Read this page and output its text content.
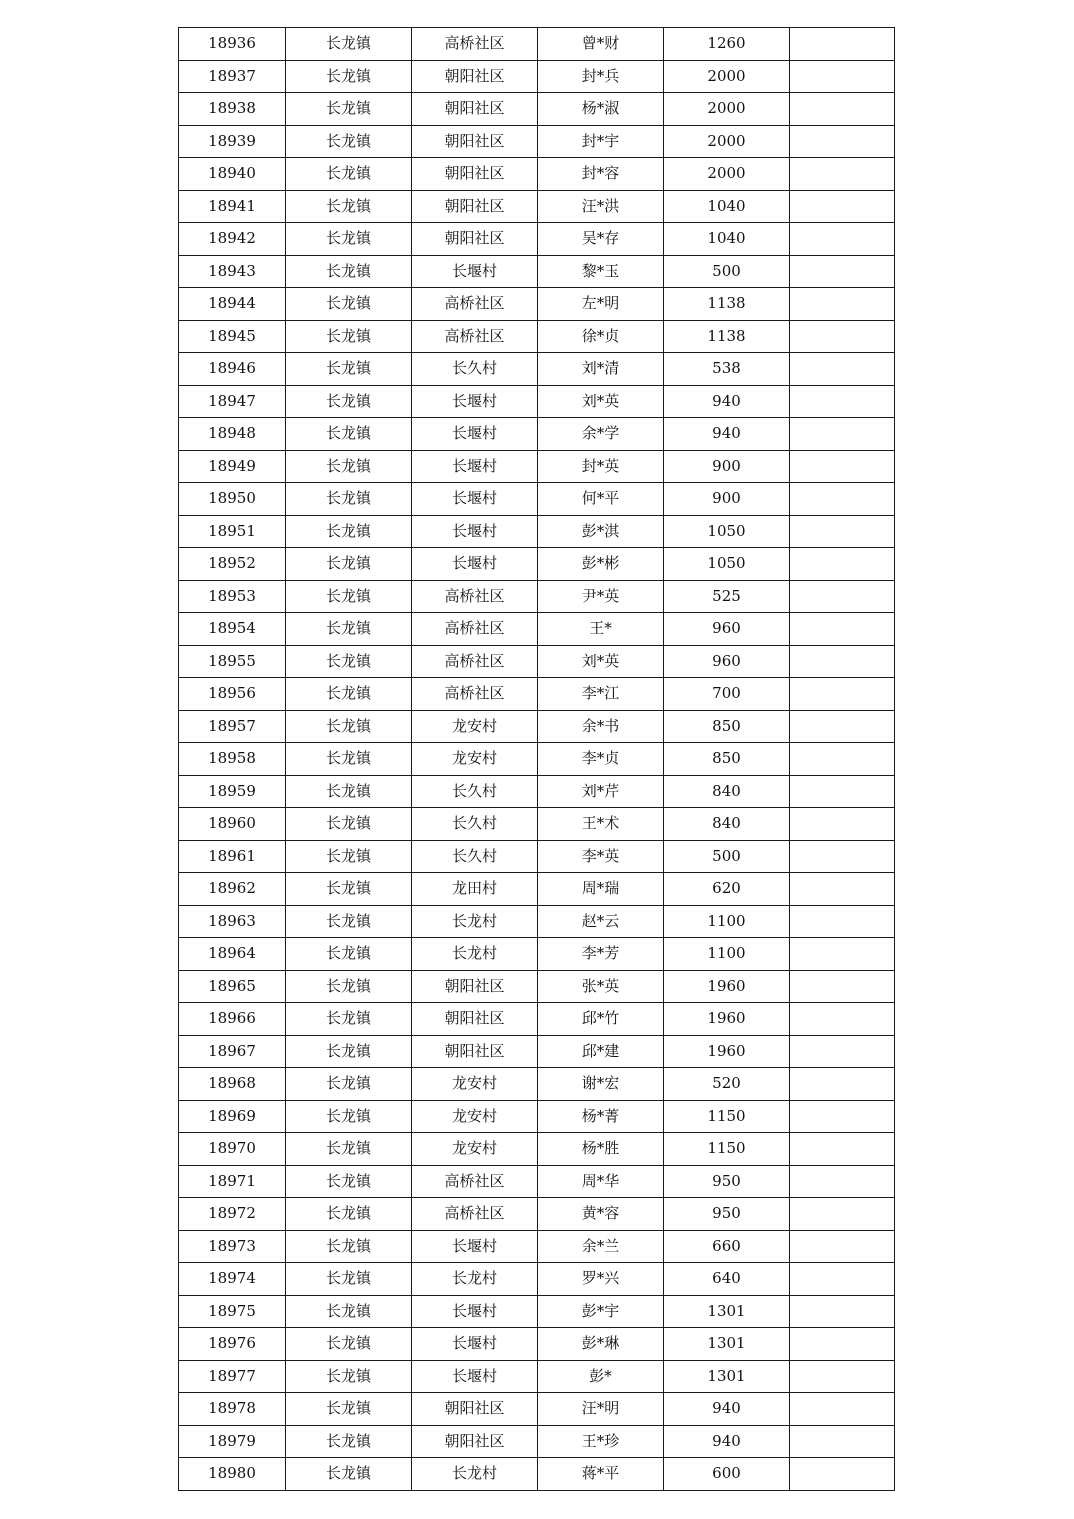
18936	长龙镇	高桥社区	曾*财	1260	
18937	长龙镇	朝阳社区	封*兵	2000	
18938	长龙镇	朝阳社区	杨*淑	2000	
18939	长龙镇	朝阳社区	封*宇	2000	
18940	长龙镇	朝阳社区	封*容	2000	
18941	长龙镇	朝阳社区	汪*洪	1040	
18942	长龙镇	朝阳社区	吴*存	1040	
18943	长龙镇	长堰村	黎*玉	500	
18944	长龙镇	高桥社区	左*明	1138	
18945	长龙镇	高桥社区	徐*贞	1138	
18946	长龙镇	长久村	刘*清	538	
18947	长龙镇	长堰村	刘*英	940	
18948	长龙镇	长堰村	余*学	940	
18949	长龙镇	长堰村	封*英	900	
18950	长龙镇	长堰村	何*平	900	
18951	长龙镇	长堰村	彭*淇	1050	
18952	长龙镇	长堰村	彭*彬	1050	
18953	长龙镇	高桥社区	尹*英	525	
18954	长龙镇	高桥社区	王*	960	
18955	长龙镇	高桥社区	刘*英	960	
18956	长龙镇	高桥社区	李*江	700	
18957	长龙镇	龙安村	余*书	850	
18958	长龙镇	龙安村	李*贞	850	
18959	长龙镇	长久村	刘*芹	840	
18960	长龙镇	长久村	王*术	840	
18961	长龙镇	长久村	李*英	500	
18962	长龙镇	龙田村	周*瑞	620	
18963	长龙镇	长龙村	赵*云	1100	
18964	长龙镇	长龙村	李*芳	1100	
18965	长龙镇	朝阳社区	张*英	1960	
18966	长龙镇	朝阳社区	邱*竹	1960	
18967	长龙镇	朝阳社区	邱*建	1960	
18968	长龙镇	龙安村	谢*宏	520	
18969	长龙镇	龙安村	杨*菁	1150	
18970	长龙镇	龙安村	杨*胜	1150	
18971	长龙镇	高桥社区	周*华	950	
18972	长龙镇	高桥社区	黄*容	950	
18973	长龙镇	长堰村	余*兰	660	
18974	长龙镇	长龙村	罗*兴	640	
18975	长龙镇	长堰村	彭*宇	1301	
18976	长龙镇	长堰村	彭*琳	1301	
18977	长龙镇	长堰村	彭*	1301	
18978	长龙镇	朝阳社区	汪*明	940	
18979	长龙镇	朝阳社区	王*珍	940	
18980	长龙镇	长龙村	蒋*平	600	
